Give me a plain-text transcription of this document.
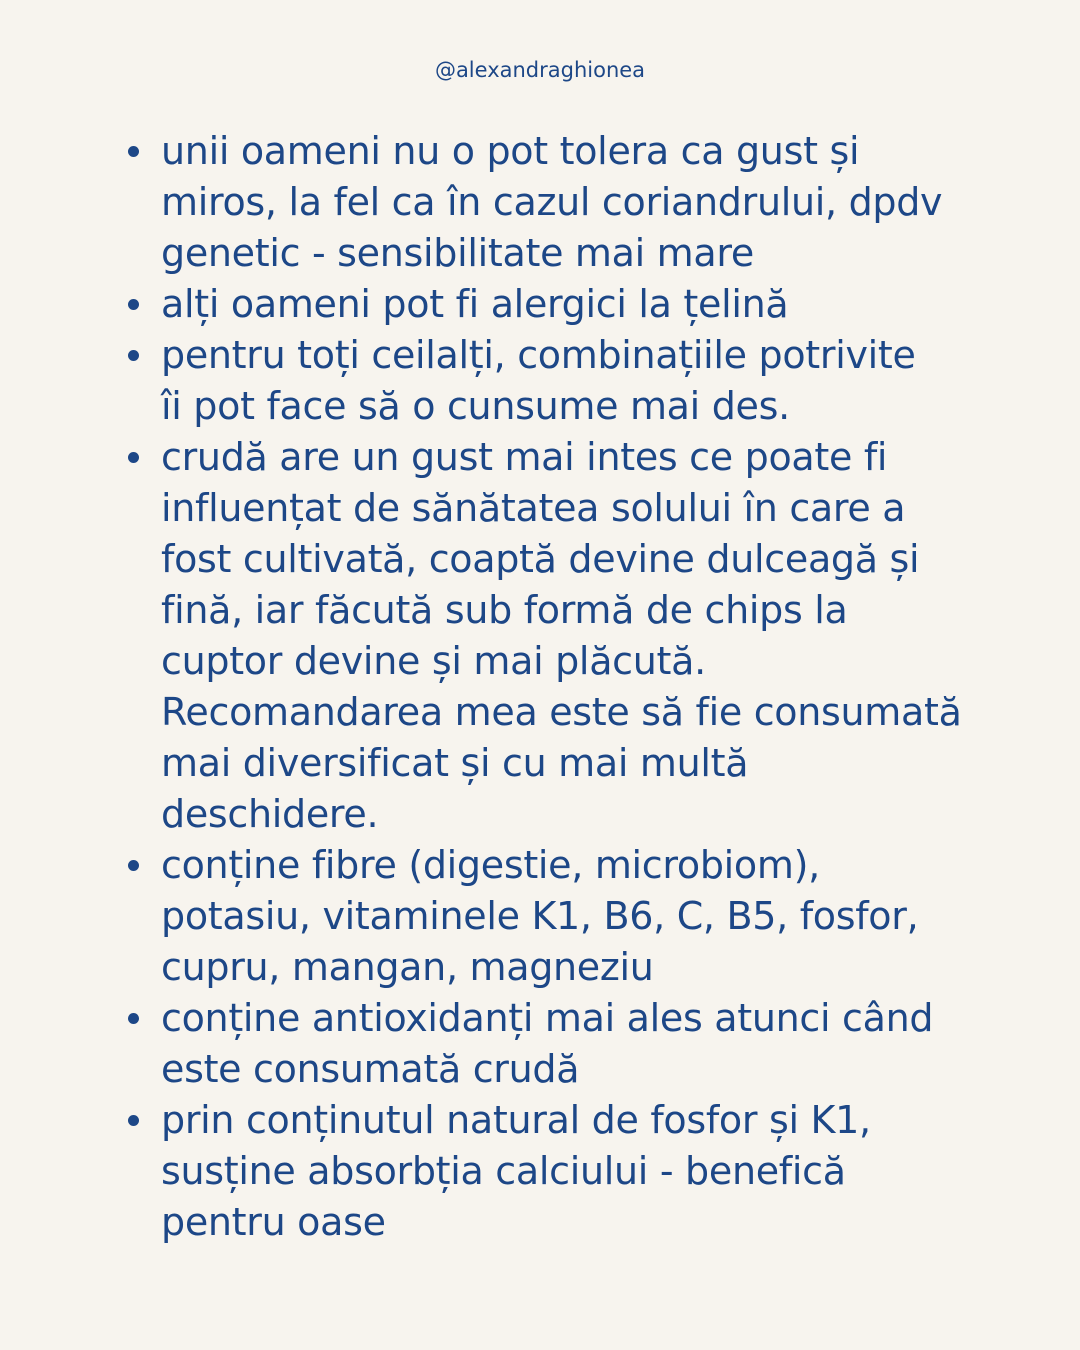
@alexandraghionea
unii oameni nu o pot tolera ca gust și
miros, la fel ca în cazul coriandrului, dpdv
genetic - sensibilitate mai mare
alți oameni pot fi alergici la țelină
pentru toți ceilalți, combinațiile potrivite
îi pot face să o cunsume mai des.
crudă are un gust mai intes ce poate fi
influențat de sănătatea solului în care a
fost cultivată, coaptă devine dulceagă și
fină, iar făcută sub formă de chips la
cuptor devine și mai plăcută.
Recomandarea mea este să fie consumată
mai diversificat și cu mai multă
deschidere.
conține fibre (digestie, microbiom),
potasiu, vitaminele K1, B6, C, B5, fosfor,
cupru, mangan, magneziu
conține antioxidanți mai ales atunci când
este consumată crudă
prin conținutul natural de fosfor și K1,
susține absorbția calciului - benefică
pentru oase
